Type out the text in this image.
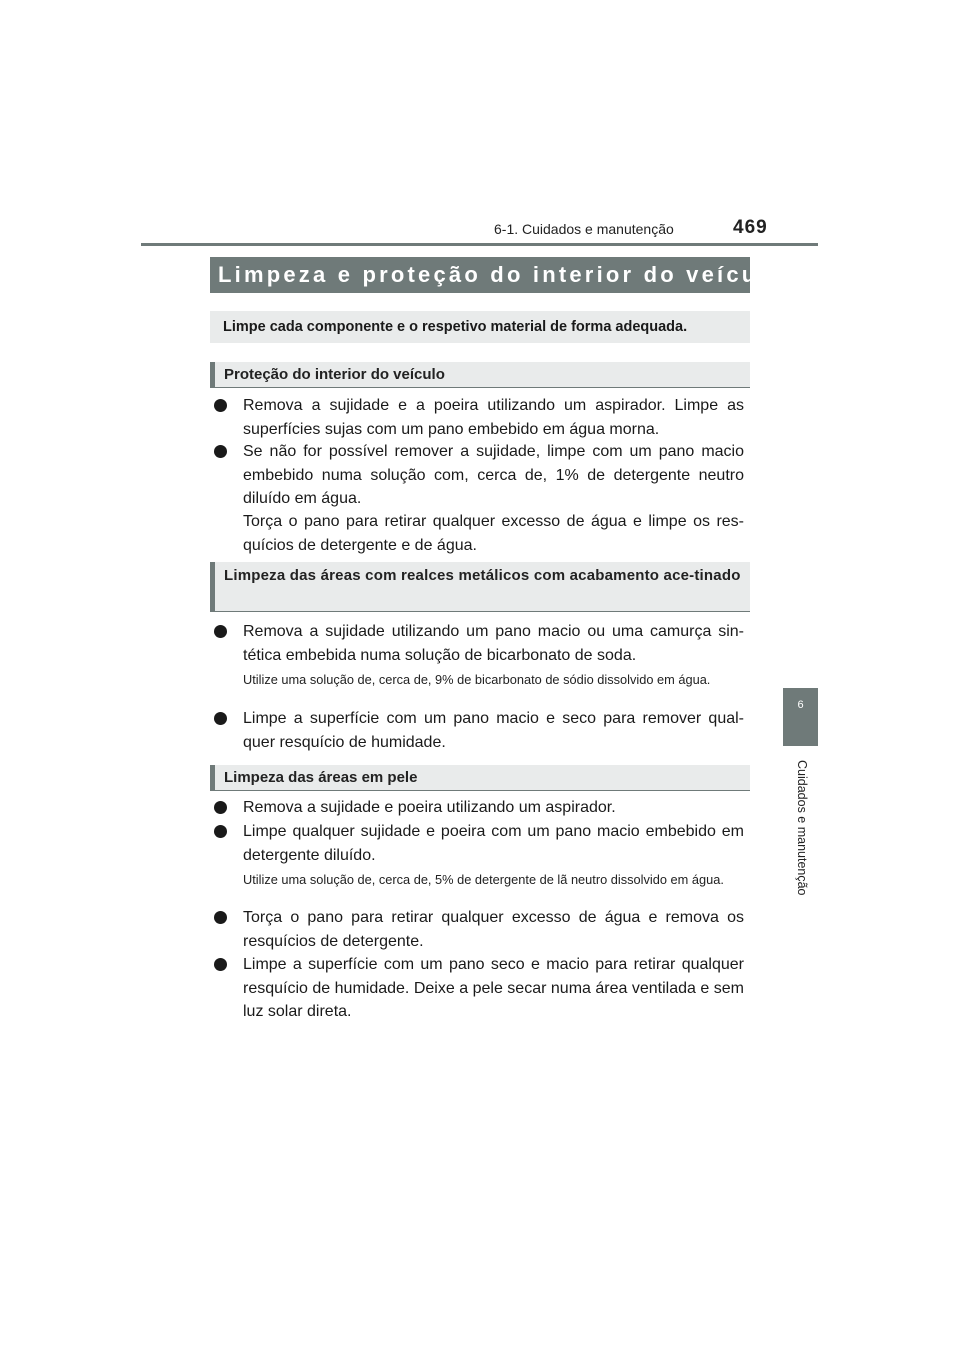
6-1. Cuidados e manutenção	469
6
Cuidados e manutenção
Limpeza e proteção do interior do veículo
Limpe cada componente e o respetivo material de forma adequada.
Proteção do interior do veículo
Remova a sujidade e a poeira utilizando um aspirador. Limpe as superfícies sujas com um pano embebido em água morna.
Se não for possível remover a sujidade, limpe com um pano macio embebido numa solução com, cerca de, 1% de detergente neutro diluído em água.
Torça o pano para retirar qualquer excesso de água e limpe os res-quícios de detergente e de água.
Limpeza das áreas com realces metálicos com acabamento ace-tinado
Remova a sujidade utilizando um pano macio ou uma camurça sin-tética embebida numa solução de bicarbonato de soda.
Utilize uma solução de, cerca de, 9% de bicarbonato de sódio dissolvido em água.
Limpe a superfície com um pano macio e seco para remover qual-quer resquício de humidade.
Limpeza das áreas em pele
Remova a sujidade e poeira utilizando um aspirador.
Limpe qualquer sujidade e poeira com um pano macio embebido em detergente diluído.
Utilize uma solução de, cerca de, 5% de detergente de lã neutro dissolvido em água.
Torça o pano para retirar qualquer excesso de água e remova os resquícios de detergente.
Limpe a superfície com um pano seco e macio para retirar qualquer resquício de humidade. Deixe a pele secar numa área ventilada e sem luz solar direta.
